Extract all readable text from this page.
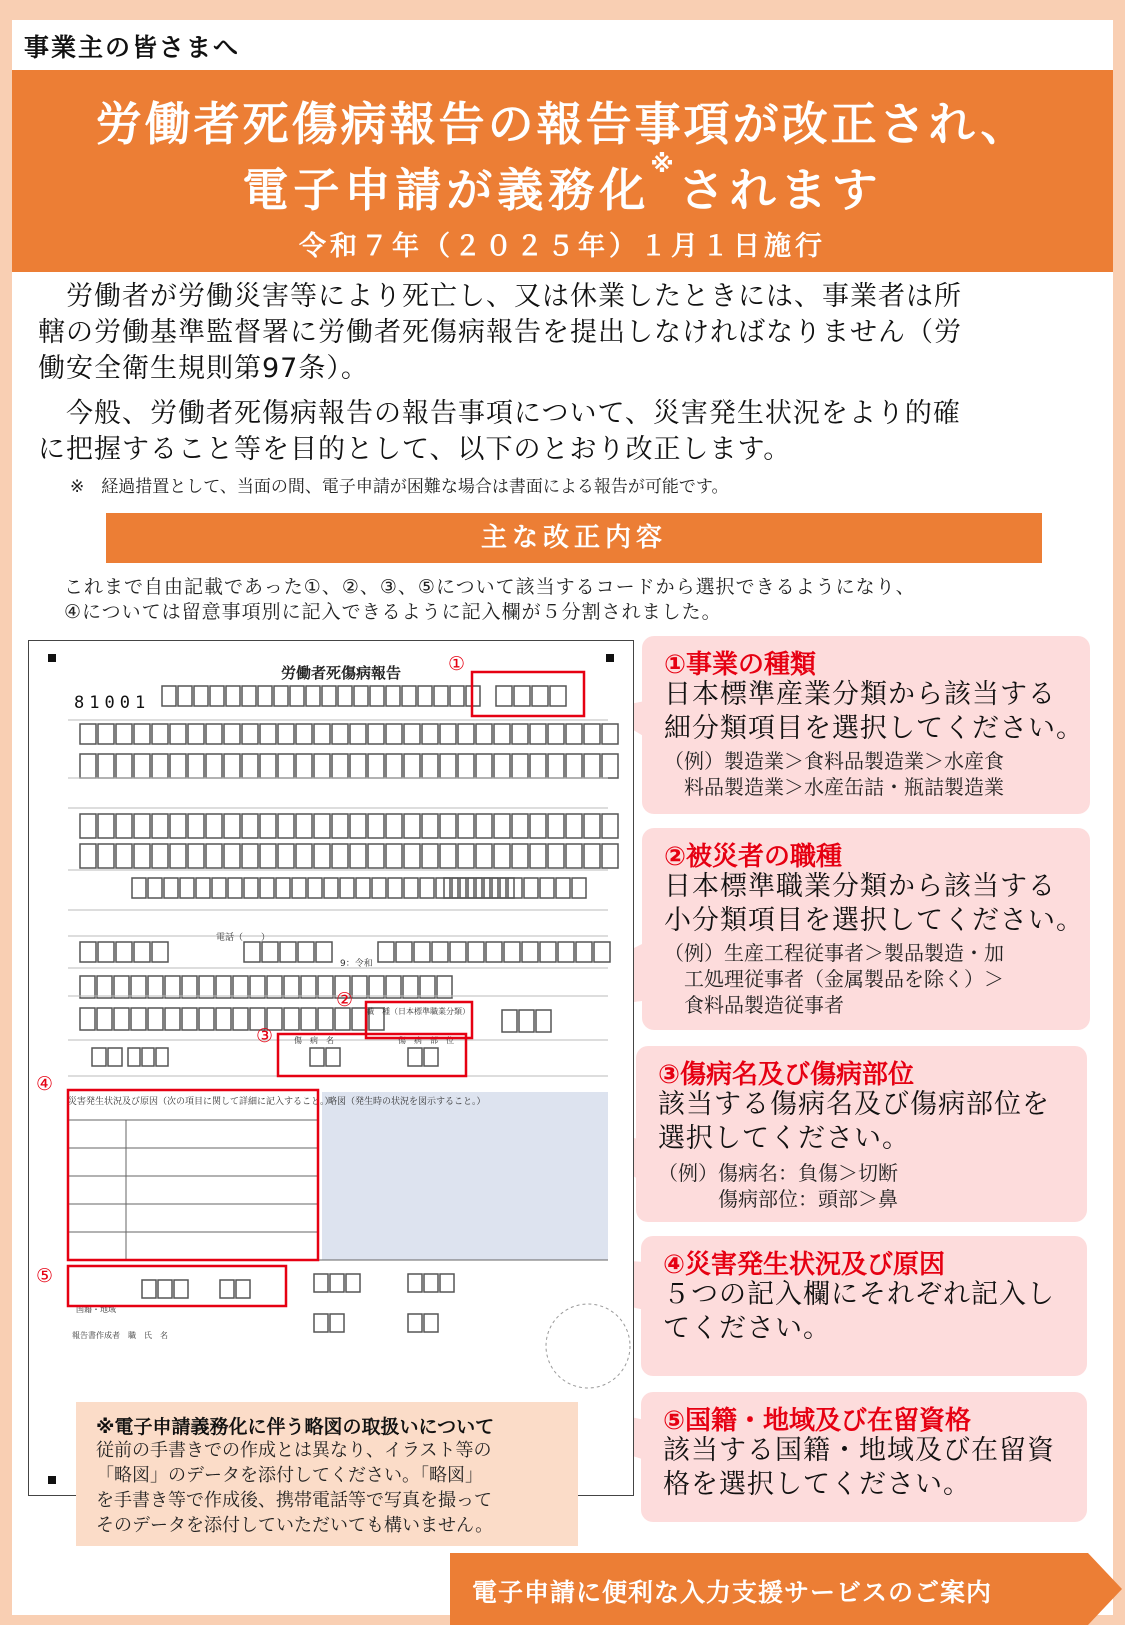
事業主の皆さまへ
労働者死傷病報告の報告事項が改正され、
電子申請が義務化※されます
令和７年（２０２５年）１月１日施行
　労働者が労働災害等により死亡し、又は休業したときには、事業者は所
轄の労働基準監督署に労働者死傷病報告を提出しなければなりません（労
働安全衛生規則第97条）。
　今般、労働者死傷病報告の報告事項について、災害発生状況をより的確
に把握すること等を目的として、以下のとおり改正します。
※　経過措置として、当面の間、電子申請が困難な場合は書面による報告が可能です。
主な改正内容
これまで自由記載であった①、②、③、⑤について該当するコードから選択できるようになり、
④については留意事項別に記入できるように記入欄が５分割されました。
労働者死傷病報告
81001
電話（　　）
9：令和
略図（発生時の状況を図示すること。）
災害発生状況及び原因（次の項目に関して詳細に記入すること。）
国籍・地域
報告書作成者　職　氏　名
職　種（日本標準職業分類）
傷　病　名	傷　病　部　位
①
②
③
④
⑤
①事業の種類
日本標準産業分類から該当する
細分類項目を選択してください。
（例）製造業＞食料品製造業＞水産食
　料品製造業＞水産缶詰・瓶詰製造業
②被災者の職種
日本標準職業分類から該当する
小分類項目を選択してください。
（例）生産工程従事者＞製品製造・加
　工処理従事者（金属製品を除く）＞
　食料品製造従事者
③傷病名及び傷病部位
該当する傷病名及び傷病部位を
選択してください。
（例）傷病名：負傷＞切断
　　　傷病部位：頭部＞鼻
④災害発生状況及び原因
５つの記入欄にそれぞれ記入し
てください。
⑤国籍・地域及び在留資格
該当する国籍・地域及び在留資
格を選択してください。
※電子申請義務化に伴う略図の取扱いについて
従前の手書きでの作成とは異なり、イラスト等の
「略図」のデータを添付してください。「略図」
を手書き等で作成後、携帯電話等で写真を撮って
そのデータを添付していただいても構いません。
電子申請に便利な入力支援サービスのご案内
